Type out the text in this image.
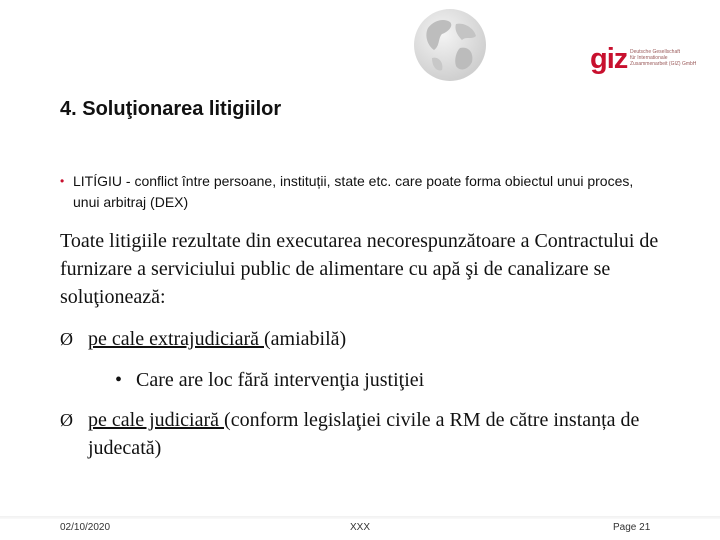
giz Deutsche Gesellschaft
für Internationale
Zusammenarbeit (GIZ) GmbH
4. Soluţionarea litigiilor
• LITÍGIU - conflict între persoane, instituții, state etc. care poate forma obiectul unui proces, unui arbitraj (DEX)
Toate litigiile rezultate din executarea necorespunzătoare a Contractului de furnizare a serviciului public de alimentare cu apă şi de canalizare se soluţionează:
Ø pe cale extrajudiciară (amiabilă)
• Care are loc fără intervenţia justiţiei
Ø pe cale judiciară (conform legislaţiei civile a RM de către instanța de judecată)
02/10/2020	XXX	Page 21
